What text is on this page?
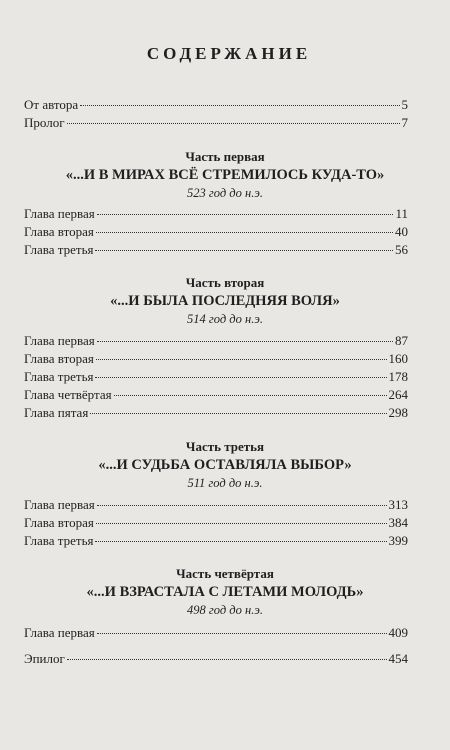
СОДЕРЖАНИЕ
От автора	5
Пролог	7
Часть первая
«...И В МИРАХ ВСЁ СТРЕМИЛОСЬ КУДА-ТО»
523 год до н.э.
Глава первая	11
Глава вторая	40
Глава третья	56
Часть вторая
«...И БЫЛА ПОСЛЕДНЯЯ ВОЛЯ»
514 год до н.э.
Глава первая	87
Глава вторая	160
Глава третья	178
Глава четвёртая	264
Глава пятая	298
Часть третья
«...И СУДЬБА ОСТАВЛЯЛА ВЫБОР»
511 год до н.э.
Глава первая	313
Глава вторая	384
Глава третья	399
Часть четвёртая
«...И ВЗРАСТАЛА С ЛЕТАМИ МОЛОДЬ»
498 год до н.э.
Глава первая	409
Эпилог	454
